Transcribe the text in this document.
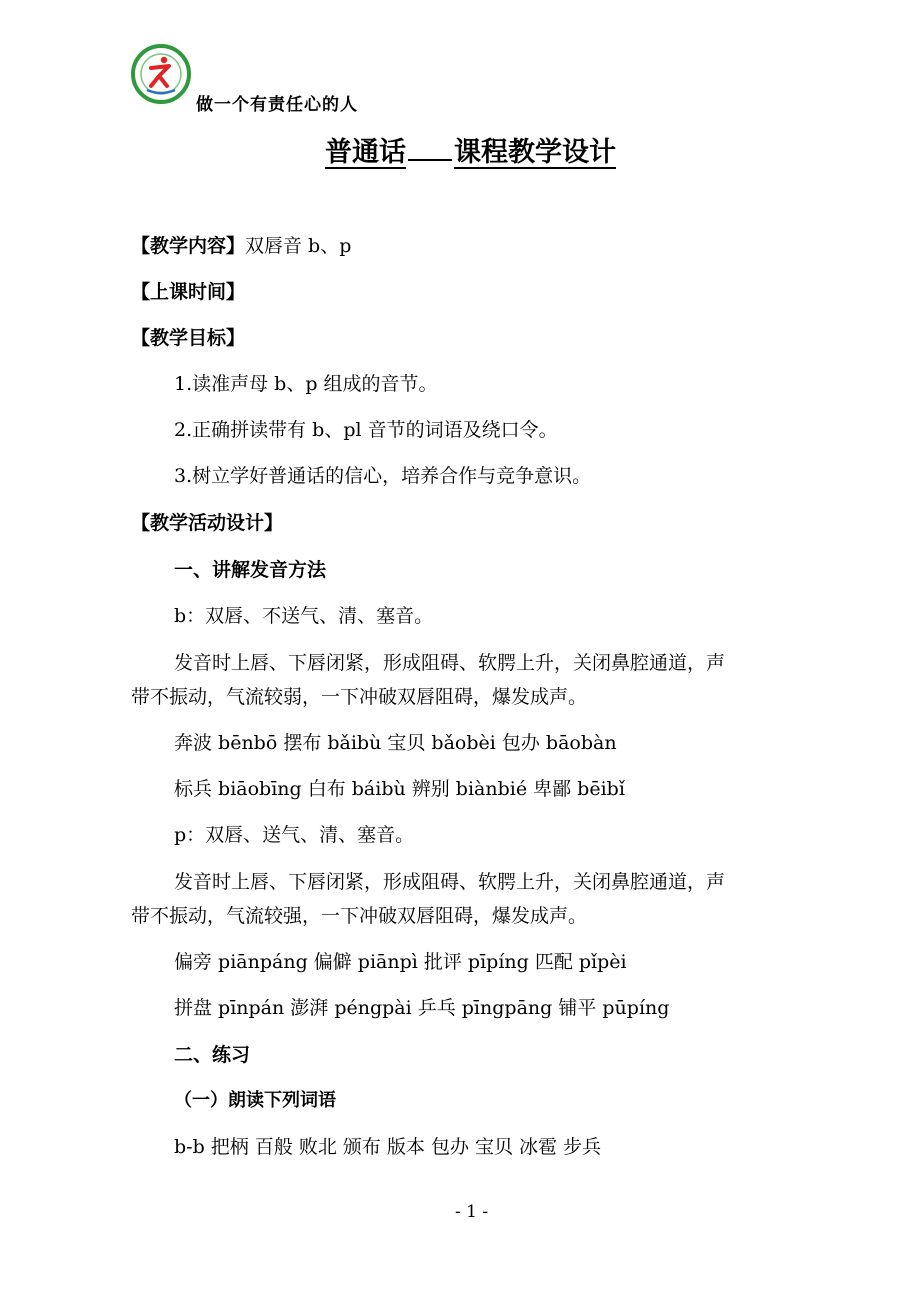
做一个有责任心的人
普通话 课程教学设计
【教学内容】双唇音 b、p
【上课时间】
【教学目标】
1.读准声母 b、p 组成的音节。
2.正确拼读带有 b、pl 音节的词语及绕口令。
3.树立学好普通话的信心，培养合作与竞争意识。
【教学活动设计】
一、讲解发音方法
b：双唇、不送气、清、塞音。
发音时上唇、下唇闭紧，形成阻碍、软腭上升，关闭鼻腔通道，声
带不振动，气流较弱，一下冲破双唇阻碍，爆发成声。
奔波 bēnbō 摆布 bǎibù 宝贝 bǎobèi 包办 bāobàn
标兵 biāobīng 白布 báibù 辨别 biànbié 卑鄙 bēibǐ
p：双唇、送气、清、塞音。
发音时上唇、下唇闭紧，形成阻碍、软腭上升，关闭鼻腔通道，声
带不振动，气流较强，一下冲破双唇阻碍，爆发成声。
偏旁 piānpáng 偏僻 piānpì 批评 pīpíng 匹配 pǐpèi
拼盘 pīnpán 澎湃 péngpài 乒乓 pīngpāng 铺平 pūpíng
二、练习
（一）朗读下列词语
b-b 把柄 百般 败北 颁布 版本 包办 宝贝 冰雹 步兵
- 1 -
